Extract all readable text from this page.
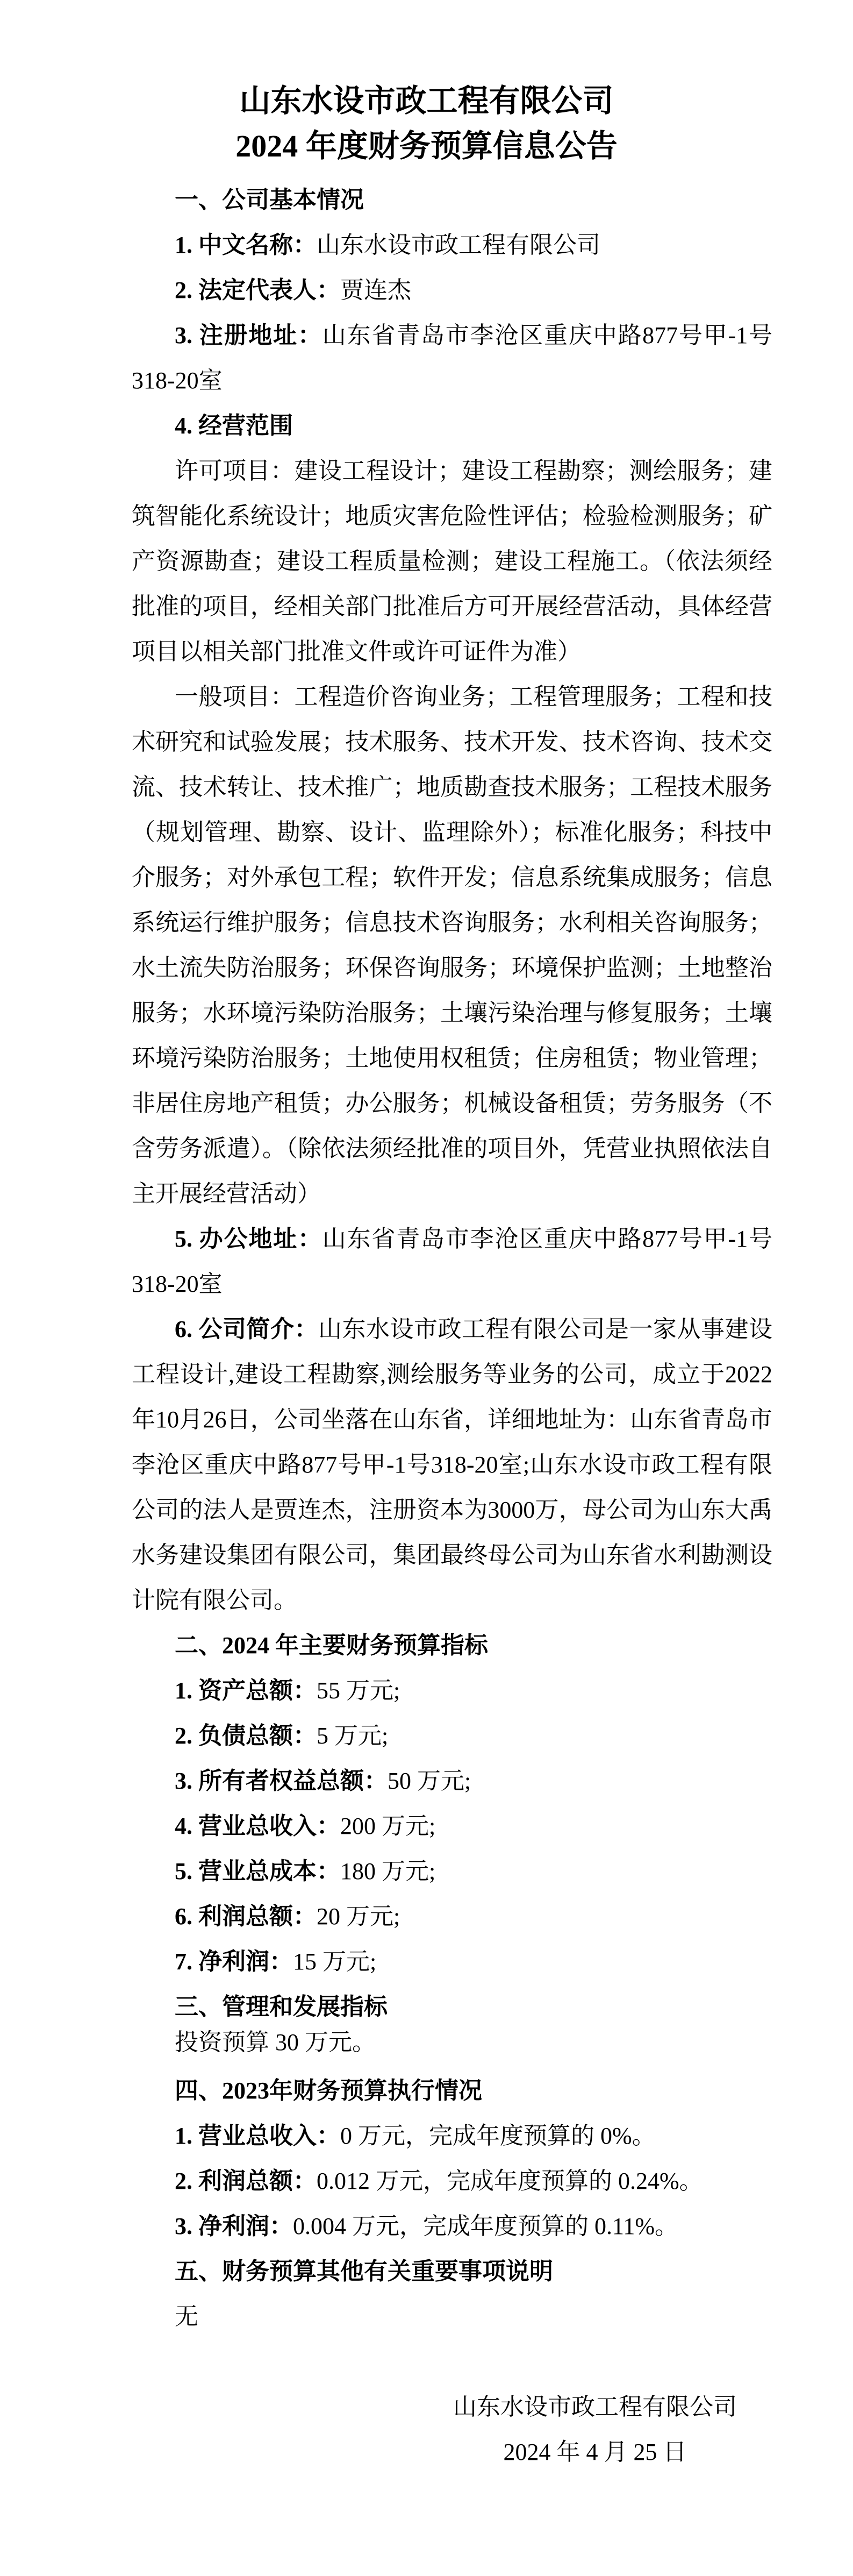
山东水设市政工程有限公司
2024 年度财务预算信息公告

一、公司基本情况

1. 中文名称：山东水设市政工程有限公司

2. 法定代表人：贾连杰

3. 注册地址：山东省青岛市李沧区重庆中路877号甲-1号318-20室

4. 经营范围

许可项目：建设工程设计；建设工程勘察；测绘服务；建筑智能化系统设计；地质灾害危险性评估；检验检测服务；矿产资源勘查；建设工程质量检测；建设工程施工。（依法须经批准的项目，经相关部门批准后方可开展经营活动，具体经营项目以相关部门批准文件或许可证件为准）

一般项目：工程造价咨询业务；工程管理服务；工程和技术研究和试验发展；技术服务、技术开发、技术咨询、技术交流、技术转让、技术推广；地质勘查技术服务；工程技术服务（规划管理、勘察、设计、监理除外）；标准化服务；科技中介服务；对外承包工程；软件开发；信息系统集成服务；信息系统运行维护服务；信息技术咨询服务；水利相关咨询服务；水土流失防治服务；环保咨询服务；环境保护监测；土地整治服务；水环境污染防治服务；土壤污染治理与修复服务；土壤环境污染防治服务；土地使用权租赁；住房租赁；物业管理；非居住房地产租赁；办公服务；机械设备租赁；劳务服务（不含劳务派遣）。（除依法须经批准的项目外，凭营业执照依法自主开展经营活动）

5. 办公地址：山东省青岛市李沧区重庆中路877号甲-1号318-20室

6. 公司简介：山东水设市政工程有限公司是一家从事建设工程设计,建设工程勘察,测绘服务等业务的公司，成立于2022年10月26日，公司坐落在山东省，详细地址为：山东省青岛市李沧区重庆中路877号甲-1号318-20室;山东水设市政工程有限公司的法人是贾连杰，注册资本为3000万，母公司为山东大禹水务建设集团有限公司，集团最终母公司为山东省水利勘测设计院有限公司。

二、2024 年主要财务预算指标

1. 资产总额：55 万元;

2. 负债总额：5 万元;

3. 所有者权益总额：50 万元;

4. 营业总收入：200 万元;

5. 营业总成本：180 万元;

6. 利润总额：20 万元;

7. 净利润：15 万元;

三、管理和发展指标

投资预算 30 万元。

四、2023年财务预算执行情况

1. 营业总收入：0 万元，完成年度预算的 0%。

2. 利润总额：0.012 万元，完成年度预算的 0.24%。

3. 净利润：0.004 万元，完成年度预算的 0.11%。

五、财务预算其他有关重要事项说明

无

山东水设市政工程有限公司
2024 年 4 月 25 日
